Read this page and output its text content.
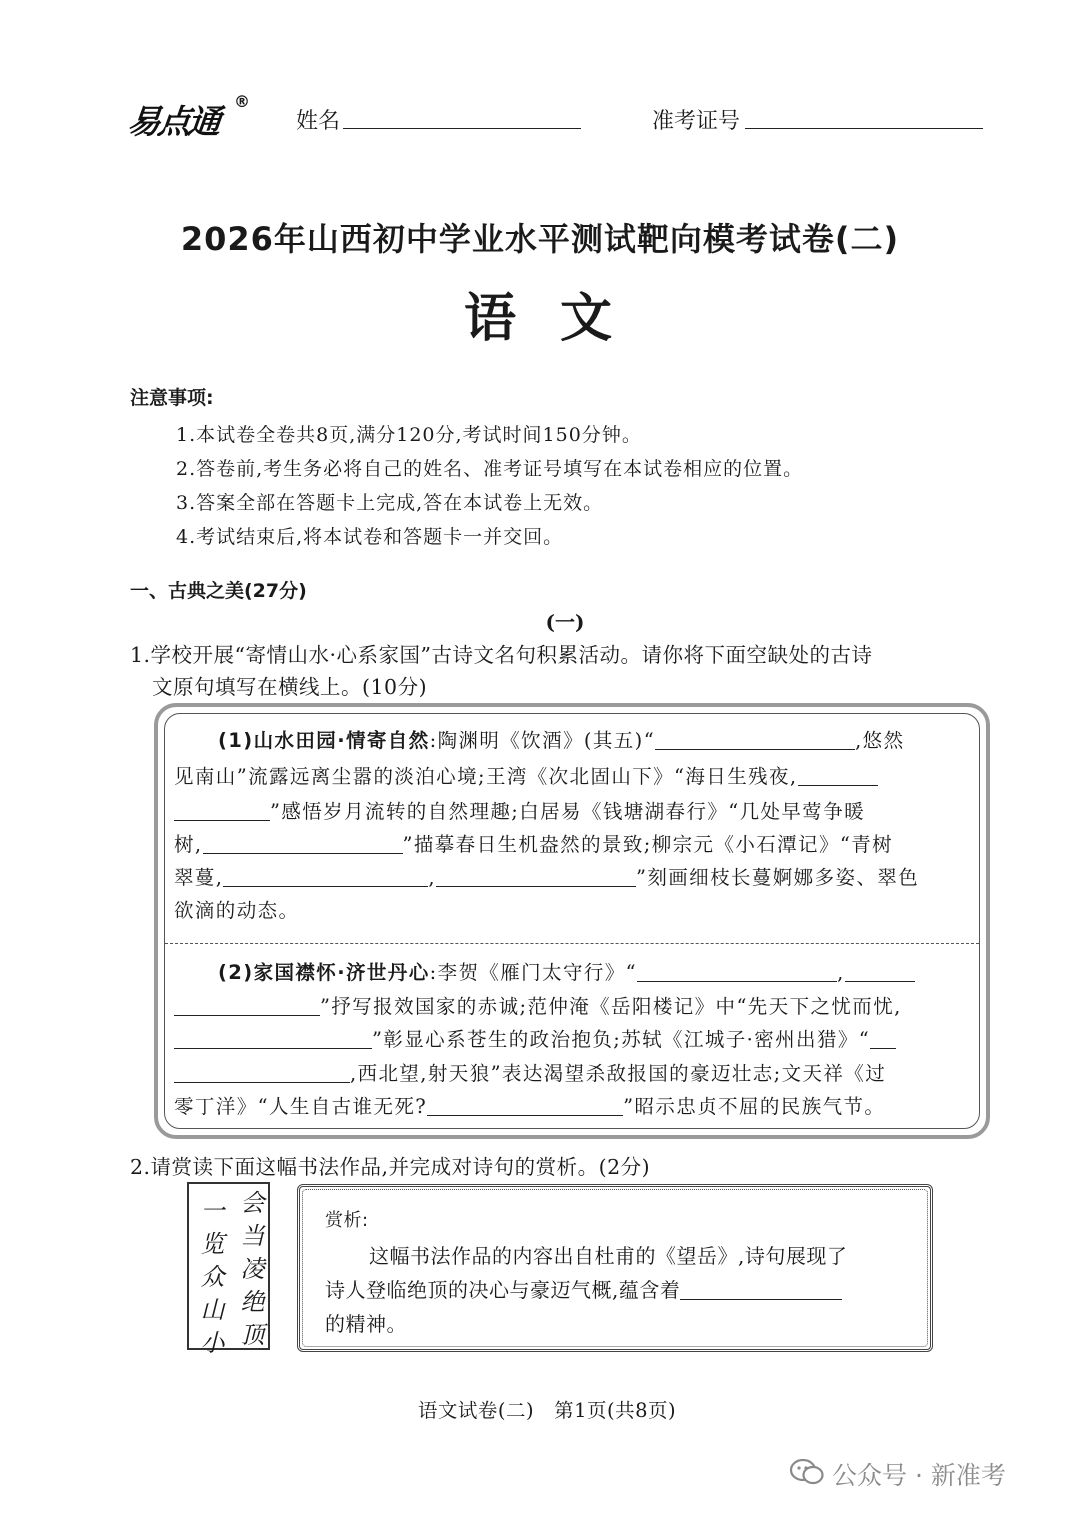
易点通
®
姓名	准考证号
2026年山西初中学业水平测试靶向模考试卷(二)
语文
注意事项:
1.本试卷全卷共8页,满分120分,考试时间150分钟。
2.答卷前,考生务必将自己的姓名、准考证号填写在本试卷相应的位置。
3.答案全部在答题卡上完成,答在本试卷上无效。
4.考试结束后,将本试卷和答题卡一并交回。
一、古典之美(27分)
(一)
1.学校开展“寄情山水·心系家国”古诗文名句积累活动。请你将下面空缺处的古诗
文原句填写在横线上。(10分)
(1)山水田园·情寄自然:陶渊明《饮酒》(其五)“	,悠然
见南山”流露远离尘嚣的淡泊心境;王湾《次北固山下》“海日生残夜,
”感悟岁月流转的自然理趣;白居易《钱塘湖春行》“几处早莺争暖
树,	”描摹春日生机盎然的景致;柳宗元《小石潭记》“青树
翠蔓,	,	”刻画细枝长蔓婀娜多姿、翠色
欲滴的动态。
(2)家国襟怀·济世丹心:李贺《雁门太守行》“	,
”抒写报效国家的赤诚;范仲淹《岳阳楼记》中“先天下之忧而忧,
”彰显心系苍生的政治抱负;苏轼《江城子·密州出猎》“
,西北望,射天狼”表达渴望杀敌报国的豪迈壮志;文天祥《过
零丁洋》“人生自古谁无死?	”昭示忠贞不屈的民族气节。
2.请赏读下面这幅书法作品,并完成对诗句的赏析。(2分)
会当凌绝顶
一览众山小	赏析:
这幅书法作品的内容出自杜甫的《望岳》,诗句展现了
诗人登临绝顶的决心与豪迈气概,蕴含着
的精神。
语文试卷(二)　第1页(共8页)
公众号 · 新准考
